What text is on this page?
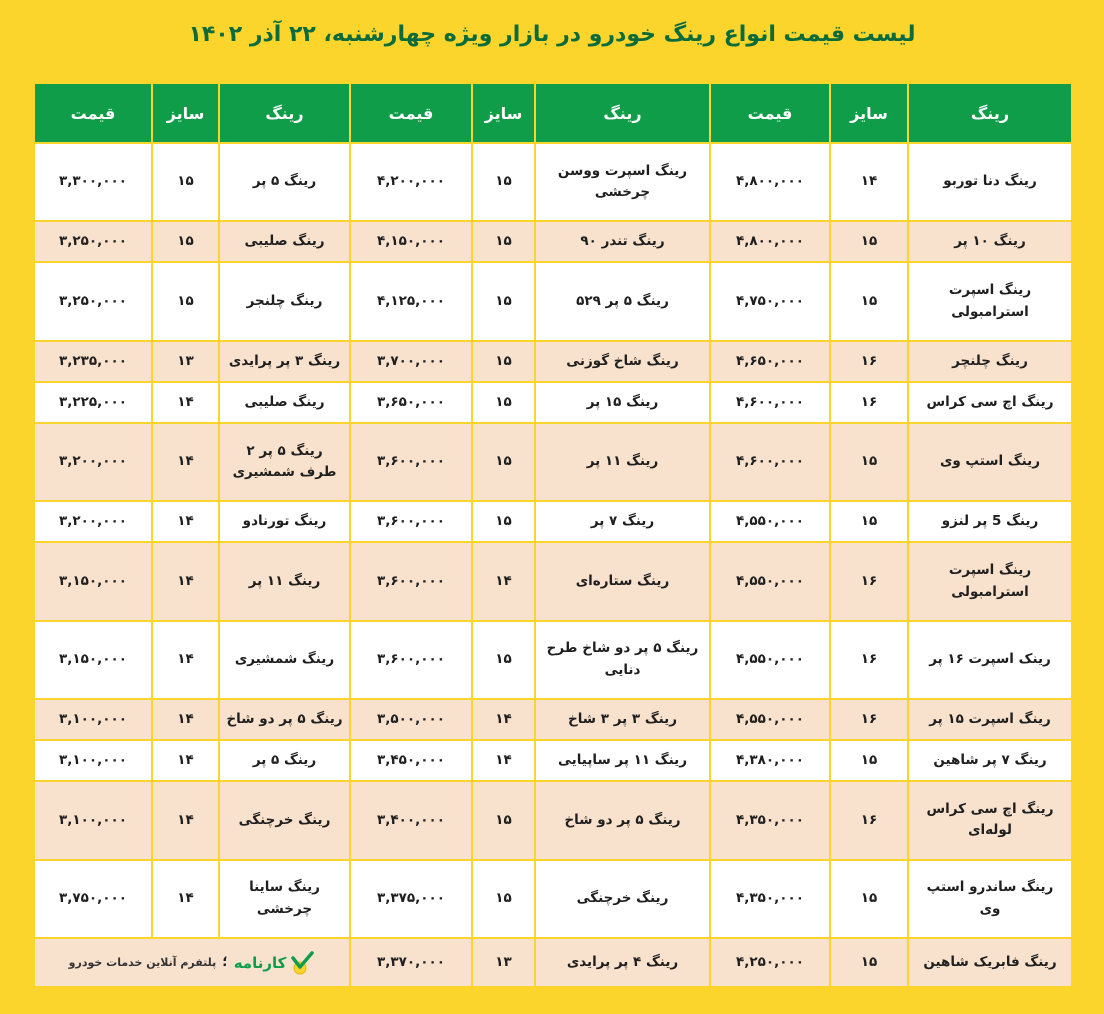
لیست قیمت انواع رینگ خودرو در بازار ویژه چهارشنبه، ۲۲ آذر ۱۴۰۲
رینگ	سایز	قیمت	رینگ	سایز	قیمت	رینگ	سایز	قیمت
رینگ دنا توربو	۱۴	۴,۸۰۰,۰۰۰	رینگ اسپرت ووسن چرخشی	۱۵	۴,۲۰۰,۰۰۰	رینگ ۵ پر	۱۵	۳,۳۰۰,۰۰۰
رینگ ۱۰ پر	۱۵	۴,۸۰۰,۰۰۰	رینگ تندر ۹۰	۱۵	۴,۱۵۰,۰۰۰	رینگ صلیبی	۱۵	۳,۲۵۰,۰۰۰
رینگ اسپرت استرامبولی	۱۵	۴,۷۵۰,۰۰۰	رینگ ۵ پر ۵۲۹	۱۵	۴,۱۲۵,۰۰۰	رینگ چلنجر	۱۵	۳,۲۵۰,۰۰۰
رینگ چلنچر	۱۶	۴,۶۵۰,۰۰۰	رینگ شاخ گوزنی	۱۵	۳,۷۰۰,۰۰۰	رینگ ۳ پر پرایدی	۱۳	۳,۲۳۵,۰۰۰
رینگ اچ سی کراس	۱۶	۴,۶۰۰,۰۰۰	رینگ ۱۵ پر	۱۵	۳,۶۵۰,۰۰۰	رینگ صلیبی	۱۴	۳,۲۲۵,۰۰۰
رینگ استپ وی	۱۵	۴,۶۰۰,۰۰۰	رینگ ۱۱ پر	۱۵	۳,۶۰۰,۰۰۰	رینگ ۵ پر ۲ طرف شمشیری	۱۴	۳,۲۰۰,۰۰۰
رینگ 5 پر لنزو	۱۵	۴,۵۵۰,۰۰۰	رینگ ۷ پر	۱۵	۳,۶۰۰,۰۰۰	رینگ تورنادو	۱۴	۳,۲۰۰,۰۰۰
رینگ اسپرت استرامبولی	۱۶	۴,۵۵۰,۰۰۰	رینگ ستاره‌ای	۱۴	۳,۶۰۰,۰۰۰	رینگ ۱۱ پر	۱۴	۳,۱۵۰,۰۰۰
رینک اسپرت ۱۶ پر	۱۶	۴,۵۵۰,۰۰۰	رینگ ۵ پر دو شاخ طرح دنایی	۱۵	۳,۶۰۰,۰۰۰	رینگ شمشیری	۱۴	۳,۱۵۰,۰۰۰
رینگ اسپرت ۱۵ پر	۱۶	۴,۵۵۰,۰۰۰	رینگ ۳ پر ۳ شاخ	۱۴	۳,۵۰۰,۰۰۰	رینگ ۵ پر دو شاخ	۱۴	۳,۱۰۰,۰۰۰
رینگ ۷ پر شاهین	۱۵	۴,۳۸۰,۰۰۰	رینگ ۱۱ پر ساپیایی	۱۴	۳,۴۵۰,۰۰۰	رینگ ۵ پر	۱۴	۳,۱۰۰,۰۰۰
رینگ اچ سی کراس لوله‌ای	۱۶	۴,۳۵۰,۰۰۰	رینگ ۵ پر دو شاخ	۱۵	۳,۴۰۰,۰۰۰	رینگ خرچنگی	۱۴	۳,۱۰۰,۰۰۰
رینگ ساندرو استپ وی	۱۵	۴,۳۵۰,۰۰۰	رینگ خرچنگی	۱۵	۳,۳۷۵,۰۰۰	رینگ ساینا چرخشی	۱۴	۳,۷۵۰,۰۰۰
رینگ فابریک شاهین	۱۵	۴,۲۵۰,۰۰۰	رینگ ۴ پر پرایدی	۱۳	۳,۳۷۰,۰۰۰	کارنامه
؛
پلتفرم آنلاین خدمات خودرو		
